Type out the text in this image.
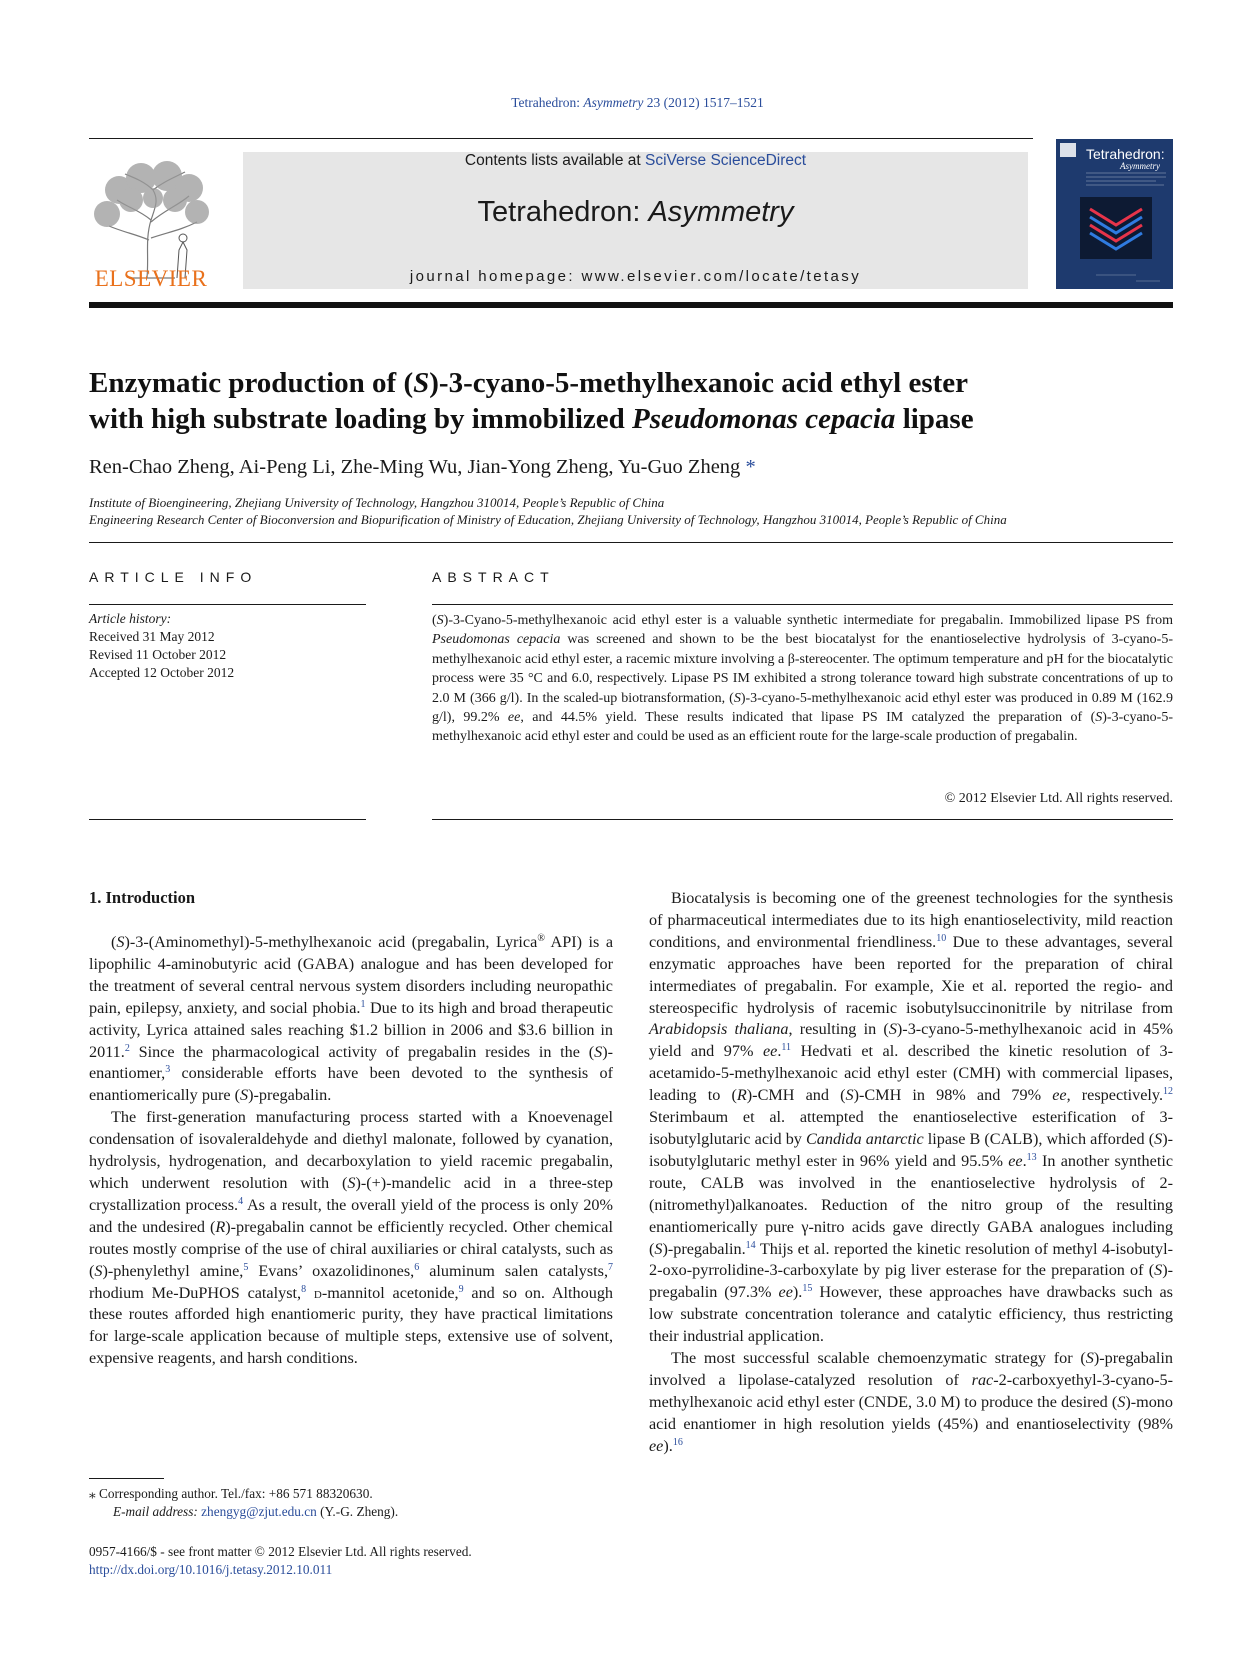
Tetrahedron: Asymmetry 23 (2012) 1517–1521
ELSEVIER
Contents lists available at SciVerse ScienceDirect
Tetrahedron: Asymmetry
journal homepage: www.elsevier.com/locate/tetasy
Tetrahedron:
Asymmetry
Enzymatic production of (S)-3-cyano-5-methylhexanoic acid ethyl ester
with high substrate loading by immobilized Pseudomonas cepacia lipase
Ren-Chao Zheng, Ai-Peng Li, Zhe-Ming Wu, Jian-Yong Zheng, Yu-Guo Zheng *
Institute of Bioengineering, Zhejiang University of Technology, Hangzhou 310014, People’s Republic of China
Engineering Research Center of Bioconversion and Biopurification of Ministry of Education, Zhejiang University of Technology, Hangzhou 310014, People’s Republic of China
ARTICLE INFO
Article history:
Received 31 May 2012
Revised 11 October 2012
Accepted 12 October 2012
ABSTRACT
(S)-3-Cyano-5-methylhexanoic acid ethyl ester is a valuable synthetic intermediate for pregabalin. Immobilized lipase PS from Pseudomonas cepacia was screened and shown to be the best biocatalyst for the enantioselective hydrolysis of 3-cyano-5-methylhexanoic acid ethyl ester, a racemic mixture involving a β-stereocenter. The optimum temperature and pH for the biocatalytic process were 35 °C and 6.0, respectively. Lipase PS IM exhibited a strong tolerance toward high substrate concentrations of up to 2.0 M (366 g/l). In the scaled-up biotransformation, (S)-3-cyano-5-methylhexanoic acid ethyl ester was produced in 0.89 M (162.9 g/l), 99.2% ee, and 44.5% yield. These results indicated that lipase PS IM catalyzed the preparation of (S)-3-cyano-5-methylhexanoic acid ethyl ester and could be used as an efficient route for the large-scale production of pregabalin.
© 2012 Elsevier Ltd. All rights reserved.
1. Introduction

(S)-3-(Aminomethyl)-5-methylhexanoic acid (pregabalin, Lyrica® API) is a lipophilic 4-aminobutyric acid (GABA) analogue and has been developed for the treatment of several central nervous system disorders including neuropathic pain, epilepsy, anxiety, and social phobia.$^1$ Due to its high and broad therapeutic activity, Lyrica attained sales reaching $1.2 billion in 2006 and $3.6 billion in 2011.$^2$ Since the pharmacological activity of pregabalin resides in the (S)-enantiomer,$^3$ considerable efforts have been devoted to the synthesis of enantiomerically pure (S)-pregabalin.

The first-generation manufacturing process started with a Knoevenagel condensation of isovaleraldehyde and diethyl malonate, followed by cyanation, hydrolysis, hydrogenation, and decarboxylation to yield racemic pregabalin, which underwent resolution with (S)-(+)-mandelic acid in a three-step crystallization process.$^4$ As a result, the overall yield of the process is only 20% and the undesired (R)-pregabalin cannot be efficiently recycled. Other chemical routes mostly comprise of the use of chiral auxiliaries or chiral catalysts, such as (S)-phenylethyl amine,$^5$ Evans’ oxazolidinones,$^6$ aluminum salen catalysts,$^7$ rhodium Me-DuPHOS catalyst,$^8$ d-mannitol acetonide,$^9$ and so on. Although these routes afforded high enantiomeric purity, they have practical limitations for large-scale application because of multiple steps, extensive use of solvent, expensive reagents, and harsh conditions.

Biocatalysis is becoming one of the greenest technologies for the synthesis of pharmaceutical intermediates due to its high enantioselectivity, mild reaction conditions, and environmental friendliness.$^{10}$ Due to these advantages, several enzymatic approaches have been reported for the preparation of chiral intermediates of pregabalin. For example, Xie et al. reported the regio- and stereospecific hydrolysis of racemic isobutylsuccinonitrile by nitrilase from Arabidopsis thaliana, resulting in (S)-3-cyano-5-methylhexanoic acid in 45% yield and 97% ee.$^{11}$ Hedvati et al. described the kinetic resolution of 3-acetamido-5-methylhexanoic acid ethyl ester (CMH) with commercial lipases, leading to (R)-CMH and (S)-CMH in 98% and 79% ee, respectively.$^{12}$ Sterimbaum et al. attempted the enantioselective esterification of 3-isobutylglutaric acid by Candida antarctic lipase B (CALB), which afforded (S)-isobutylglutaric methyl ester in 96% yield and 95.5% ee.$^{13}$ In another synthetic route, CALB was involved in the enantioselective hydrolysis of 2-(nitromethyl)alkanoates. Reduction of the nitro group of the resulting enantiomerically pure γ-nitro acids gave directly GABA analogues including (S)-pregabalin.$^{14}$ Thijs et al. reported the kinetic resolution of methyl 4-isobutyl-2-oxo-pyrrolidine-3-carboxylate by pig liver esterase for the preparation of (S)-pregabalin (97.3% ee).$^{15}$ However, these approaches have drawbacks such as low substrate concentration tolerance and catalytic efficiency, thus restricting their industrial application.

The most successful scalable chemoenzymatic strategy for (S)-pregabalin involved a lipolase-catalyzed resolution of rac-2-carboxyethyl-3-cyano-5-methylhexanoic acid ethyl ester (CNDE, 3.0 M) to produce the desired (S)-mono acid enantiomer in high resolution yields (45%) and enantioselectivity (98% ee).$^{16}$

⁎ Corresponding author. Tel./fax: +86 571 88320630.
E-mail address: zhengyg@zjut.edu.cn (Y.-G. Zheng).
0957-4166/$ - see front matter © 2012 Elsevier Ltd. All rights reserved.
http://dx.doi.org/10.1016/j.tetasy.2012.10.011
